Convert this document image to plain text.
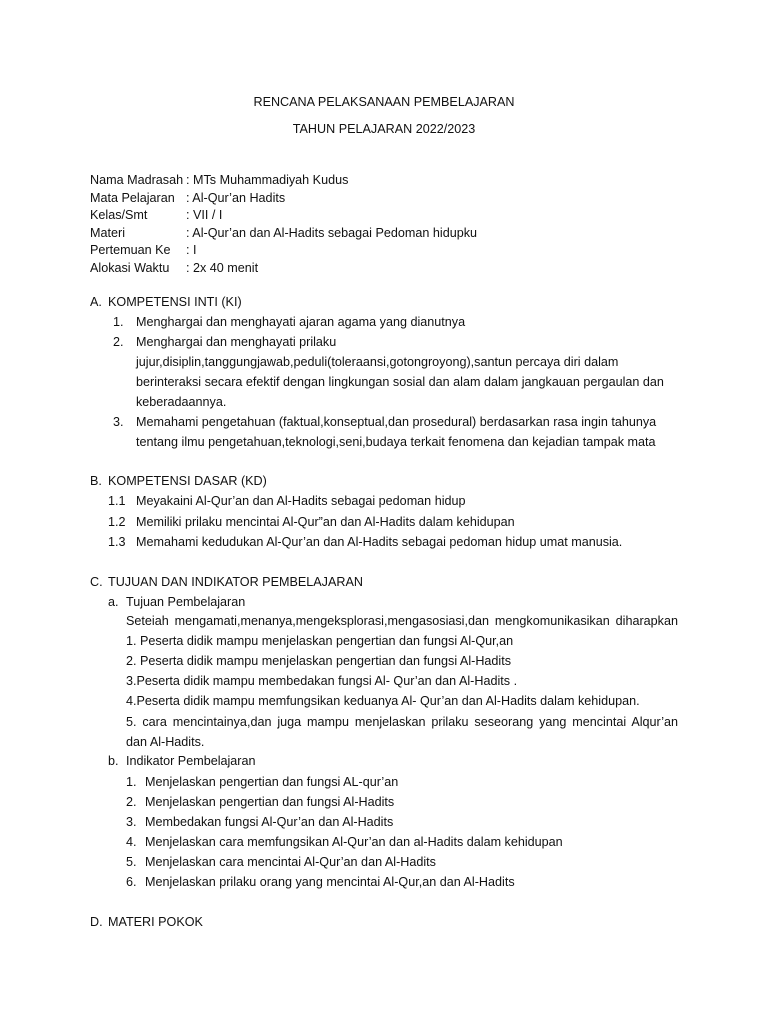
RENCANA PELAKSANAAN PEMBELAJARAN
TAHUN PELAJARAN 2022/2023
Nama Madrasah : MTs Muhammadiyah Kudus
Mata Pelajaran : Al-Qur’an Hadits
Kelas/Smt	: VII / I
Materi	: Al-Qur’an dan Al-Hadits sebagai Pedoman hidupku
Pertemuan Ke : I
Alokasi Waktu : 2x 40 menit
A. KOMPETENSI INTI (KI)
1. Menghargai dan menghayati ajaran agama yang dianutnya
2. Menghargai dan menghayati prilaku
jujur,disiplin,tanggungjawab,peduli(toleraansi,gotongroyong),santun percaya diri dalam
berinteraksi secara efektif dengan lingkungan sosial dan alam dalam jangkauan pergaulan dan
keberadaannya.
3. Memahami pengetahuan (faktual,konseptual,dan prosedural) berdasarkan rasa ingin tahunya
tentang ilmu pengetahuan,teknologi,seni,budaya terkait fenomena dan kejadian tampak mata
B. KOMPETENSI DASAR (KD)
1.1 Meyakaini Al-Qur’an dan Al-Hadits sebagai pedoman hidup
1.2 Memiliki prilaku mencintai Al-Qur”an dan Al-Hadits dalam kehidupan
1.3 Memahami kedudukan Al-Qur’an dan Al-Hadits sebagai pedoman hidup umat manusia.
C. TUJUAN DAN INDIKATOR PEMBELAJARAN
a. Tujuan Pembelajaran
Seteiah mengamati,menanya,mengeksplorasi,mengasosiasi,dan mengkomunikasikan diharapkan
1. Peserta didik mampu menjelaskan pengertian dan fungsi Al-Qur,an
2. Peserta didik mampu menjelaskan pengertian dan fungsi Al-Hadits
3.Peserta didik mampu membedakan fungsi Al- Qur’an dan Al-Hadits .
4.Peserta didik mampu memfungsikan keduanya Al- Qur’an dan Al-Hadits dalam kehidupan.
5. cara mencintainya,dan juga mampu menjelaskan prilaku seseorang yang mencintai Alqur’an
dan Al-Hadits.
b. Indikator Pembelajaran
1. Menjelaskan pengertian dan fungsi AL-qur’an
2. Menjelaskan pengertian dan fungsi Al-Hadits
3. Membedakan fungsi Al-Qur’an dan Al-Hadits
4. Menjelaskan cara memfungsikan Al-Qur’an dan al-Hadits dalam kehidupan
5. Menjelaskan cara mencintai Al-Qur’an dan Al-Hadits
6. Menjelaskan prilaku orang yang mencintai Al-Qur,an dan Al-Hadits
D. MATERI POKOK
